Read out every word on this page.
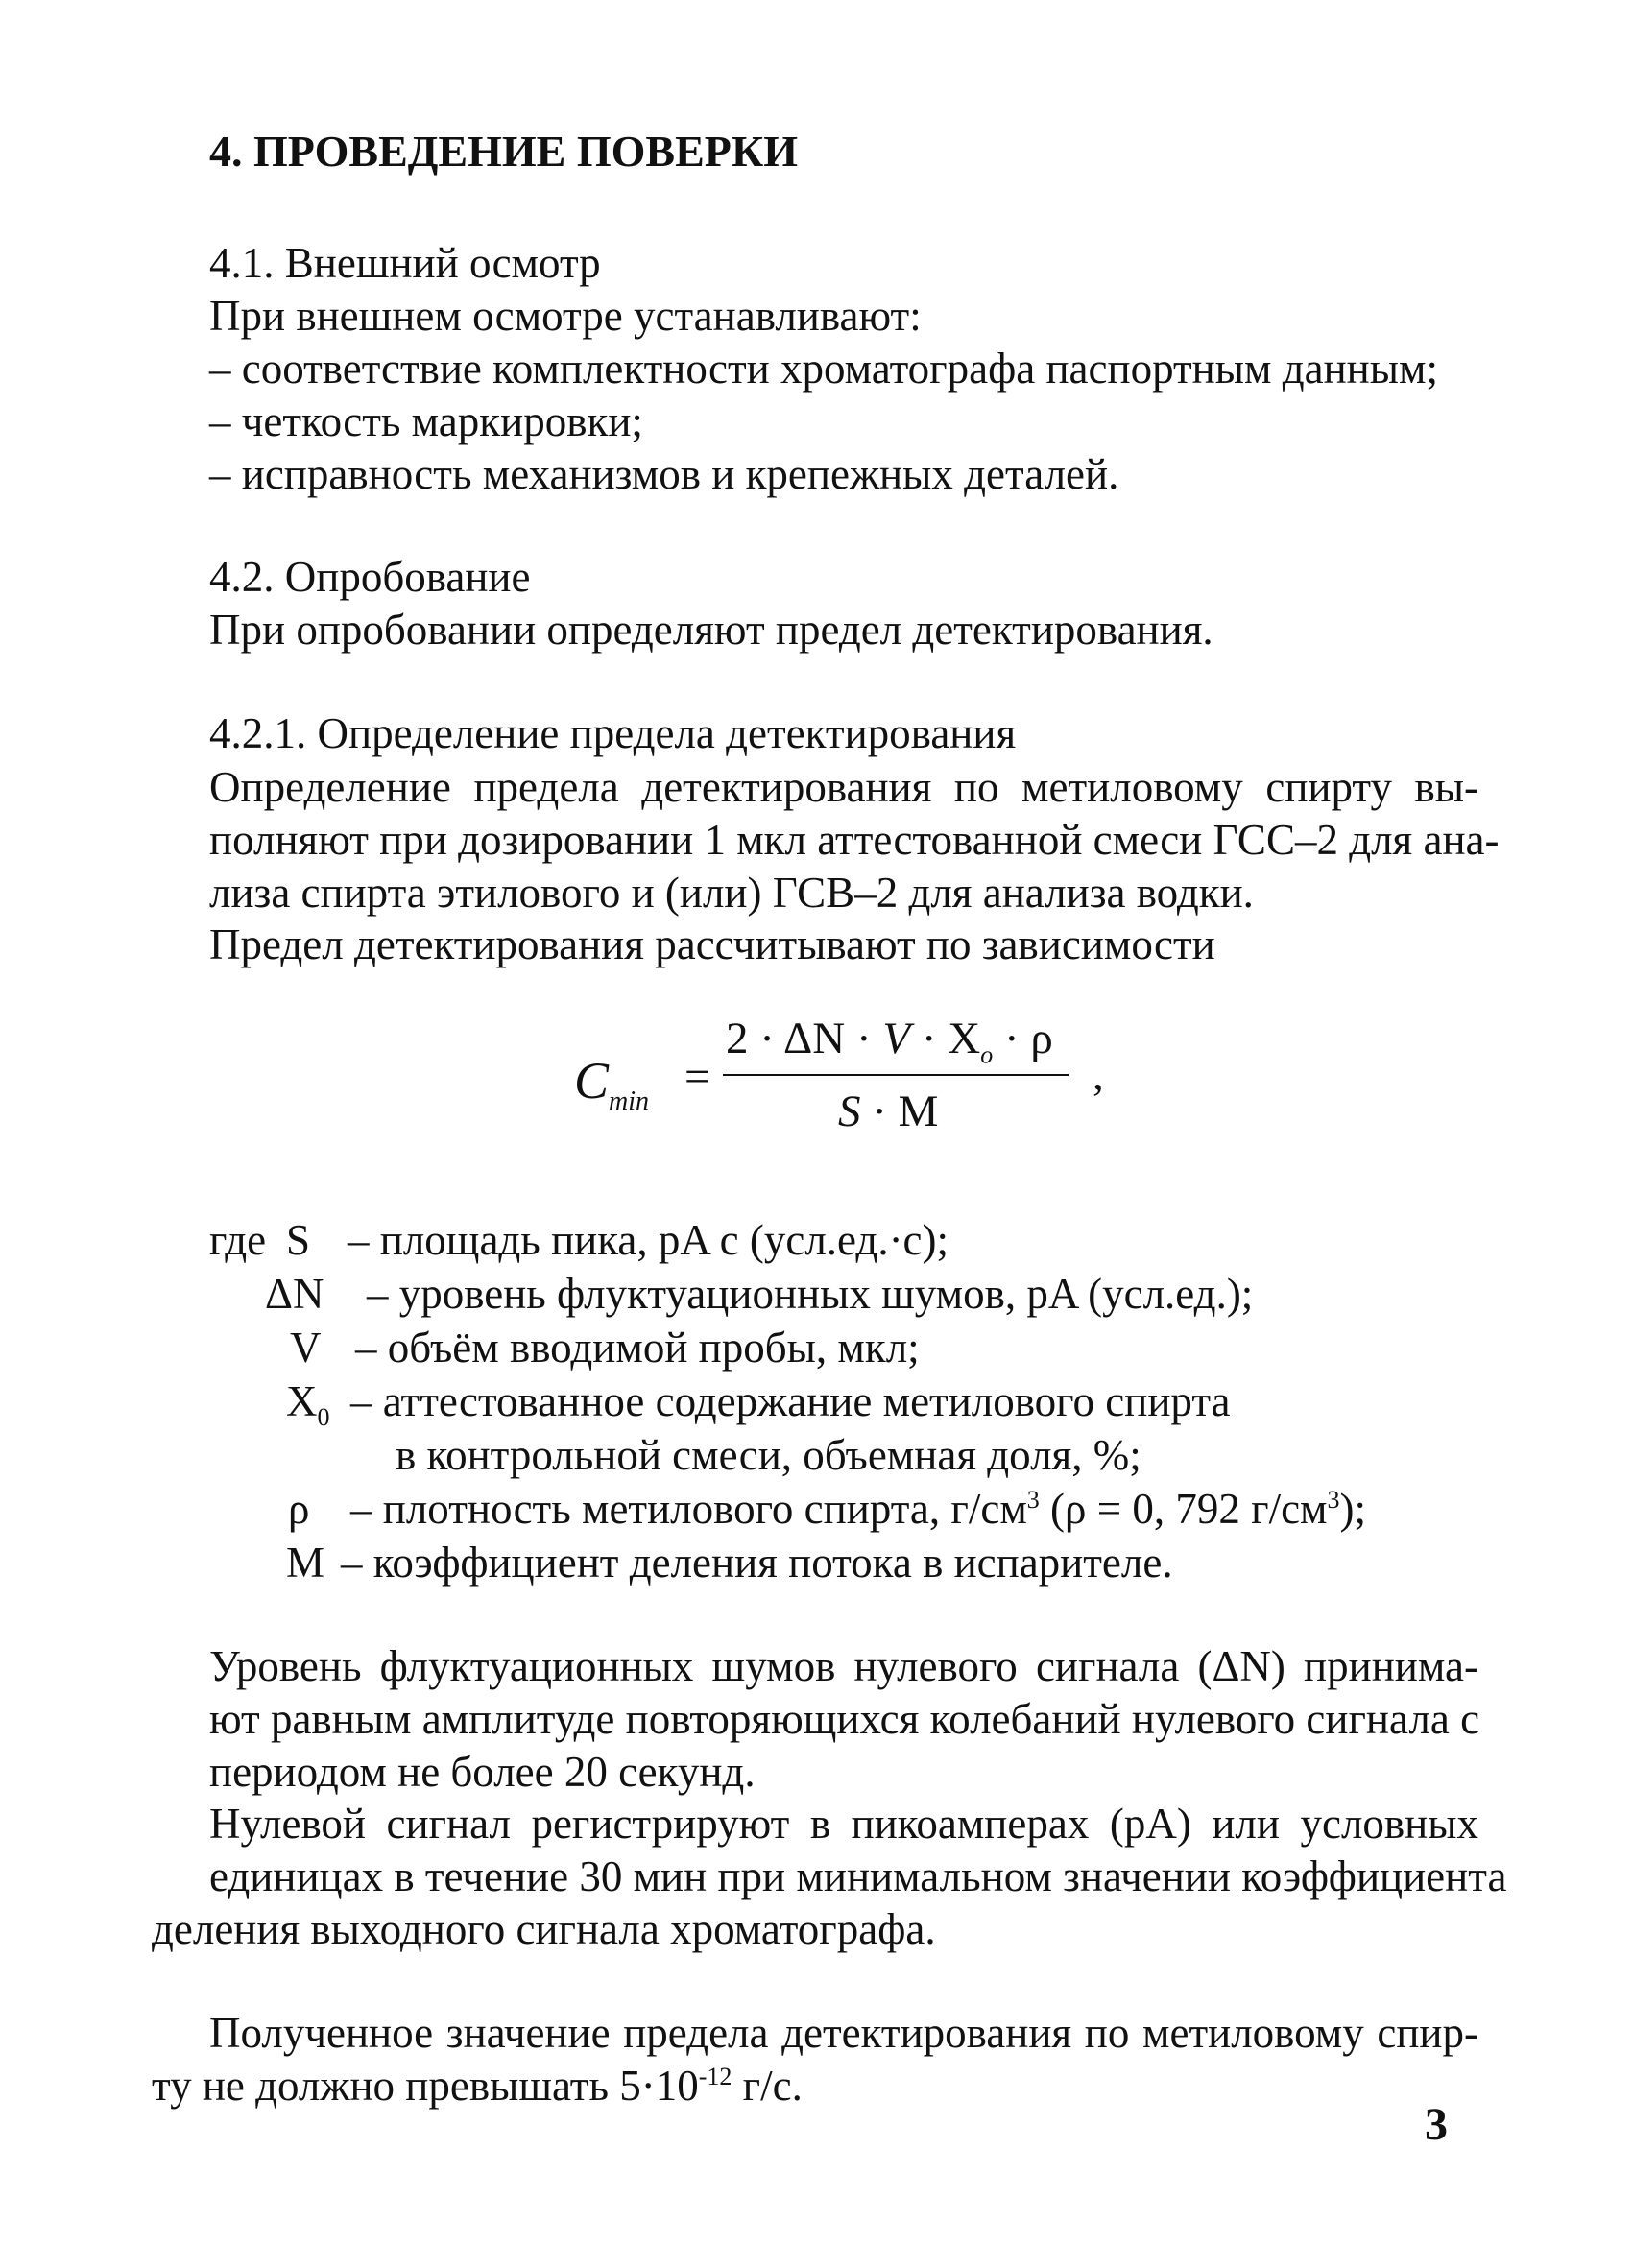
4. ПРОВЕДЕНИЕ ПОВЕРКИ
4.1. Внешний осмотр
При внешнем осмотре устанавливают:
– соответствие комплектности хроматографа паспортным данным;
– четкость маркировки;
– исправность механизмов и крепежных деталей.
4.2. Опробование
При опробовании определяют предел детектирования.
4.2.1. Определение предела детектирования
Определение предела детектирования по метиловому спирту вы-
полняют при дозировании 1 мкл аттестованной смеси ГСС–2 для ана-
лиза спирта этилового и (или) ГСВ–2 для анализа водки.
Предел детектирования рассчитывают по зависимости
$C_{min}$ =
$2 \cdot \Delta N \cdot V \cdot X_o \cdot \rho$
S · M
,
где S – площадь пика, pA c (усл.ед.·с);
ΔN – уровень флуктуационных шумов, pA (усл.ед.);
V – объём вводимой пробы, мкл;
$X_0$ – аттестованное содержание метилового спирта
в контрольной смеси, объемная доля, %;
ρ – плотность метилового спирта, $г/см^3$ (ρ = 0, 792 $г/см^3$);
M – коэффициент деления потока в испарителе.
Уровень флуктуационных шумов нулевого сигнала (ΔN) принима-
ют равным амплитуде повторяющихся колебаний нулевого сигнала с
периодом не более 20 секунд.
Нулевой сигнал регистрируют в пикоамперах (pA) или условных
единицах в течение 30 мин при минимальном значении коэффициента
деления выходного сигнала хроматографа.
Полученное значение предела детектирования по метиловому спир-
ту не должно превышать $5\cdot 10^{-12}$ г/с.
3
